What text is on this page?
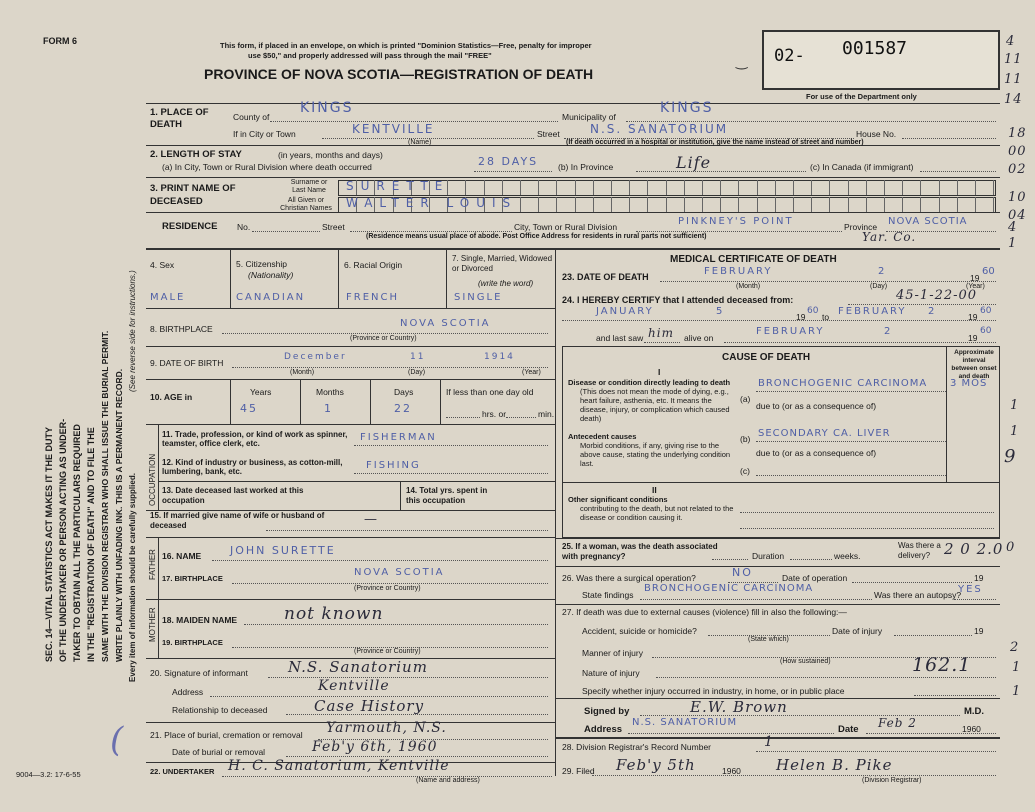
FORM 6	This form, if placed in an envelope, on which is printed "Dominion Statistics—Free, penalty for improper
use $50," and properly addressed will pass through the mail "FREE"
PROVINCE OF NOVA SCOTIA—REGISTRATION OF DEATH
‿ 02- 001587
For use of the Department only
4
11
11
14
18
00
02
10
04
4
1
1
1
9
2
1
1
0
SEC. 14—VITAL STATISTICS ACT MAKES IT THE DUTY OF THE UNDERTAKER OR PERSON ACTING AS UNDER- TAKER TO OBTAIN ALL THE PARTICULARS REQUIRED IN THE "REGISTRATION OF DEATH" AND TO FILE THE SAME WITH THE DIVISION REGISTRAR WHO SHALL ISSUE THE BURIAL PERMIT. WRITE PLAINLY WITH UNFADING INK. THIS IS A PERMANENT RECORD. Every item of information should be carefully supplied.
(See reverse side for instructions.)
1. PLACE OF DEATH
County of
KINGS
Municipality of
KINGS
If in City or Town	KENTVILLE
(Name)
Street	N.S. SANATORIUM	House No.
(If death occurred in a hospital or institution, give the name instead of street and number)
2. LENGTH OF STAY	(in years, months and days)
(a) In City, Town or Rural Division where death occurred	28 DAYS (b) In Province	Life	(c) In Canada (if immigrant)
3. PRINT NAME OF DECEASED
Surname or Last Name
All Given or Christian Names
SURETTE
WALTER LOUIS
RESIDENCE No.	Street	City, Town or Rural Division	PINKNEY'S POINT	Province NOVA SCOTIA
(Residence means usual place of abode. Post Office Address for residents in rural parts not sufficient)	Yar. Co.
4. Sex	5. Citizenship
(Nationality)
6. Racial Origin
7. Single, Married, Widowed or Divorced
(write the word)
MALE	CANADIAN	FRENCH	SINGLE
8. BIRTHPLACE	NOVA SCOTIA
(Province or Country)
9. DATE OF BIRTH
December	11	1914
(Month)	(Day)	(Year)
10. AGE in	Years	Months	Days	If less than one day old
45	1	22	hrs. or	min.
OCCUPATION
11. Trade, profession, or kind of work as spinner, teamster, office clerk, etc.
FISHERMAN
12. Kind of industry or business, as cotton-mill, lumbering, bank, etc.
FISHING
13. Date deceased last worked at this occupation
14. Total yrs. spent in this occupation
15. If married give name of wife or husband of deceased	—
FATHER 16. NAME	JOHN SURETTE
17. BIRTHPLACE
NOVA SCOTIA
(Province or Country)
MOTHER 18. MAIDEN NAME	not known
19. BIRTHPLACE
(Province or Country)
20. Signature of informant	N.S. Sanatorium
Address	Kentville
Relationship to deceased	Case History
21. Place of burial, cremation or removal Yarmouth, N.S.
Date of burial or removal	Feb'y 6th, 1960
22. UNDERTAKER H. C. Sanatorium, Kentville
(Name and address)
(
9004—3.2: 17-6-55
MEDICAL CERTIFICATE OF DEATH
23. DATE OF DEATH	FEBRUARY	2
19
60
(Month)	(Day)	(Year)
24. I HEREBY CERTIFY that I attended deceased from:	45-1-22-00
JANUARY	5	19
60
to FEBRUARY 2	19
60
and last saw him alive on
FEBRUARY	2
19
60
CAUSE OF DEATH	Approximate interval between onset and death
I
Disease or condition directly leading to death
(This does not mean the mode of dying, e.g., heart failure, asthenia, etc. It means the disease, injury, or complication which caused death)
(a)
BRONCHOGENIC CARCINOMA 3 MOS
due to (or as a consequence of)
Antecedent causes
Morbid conditions, if any, giving rise to the above cause, stating the underlying condition last.
(b) SECONDARY CA. LIVER
due to (or as a consequence of)
(c)
II
Other significant conditions
contributing to the death, but not related to the disease or condition causing it.
25. If a woman, was the death associated with pregnancy?	Duration	weeks.
Was there a delivery? 2 0 2.0
26. Was there a surgical operation?	NO	Date of operation	19
State findings
BRONCHOGENIC CARCINOMA
Was there an autopsy?
YES
27. If death was due to external causes (violence) fill in also the following:—
Accident, suicide or homicide?	Date of injury	19
(State which)
Manner of injury
(How sustained)
Nature of injury	162.1
Specify whether injury occurred in industry, in home, or in public place
Signed by	E.W. Brown	M.D.
Address
N.S. SANATORIUM
Date Feb 2	1960
28. Division Registrar's Record Number	1
29. Filed Feb'y 5th	1960 Helen B. Pike
(Division Registrar)
